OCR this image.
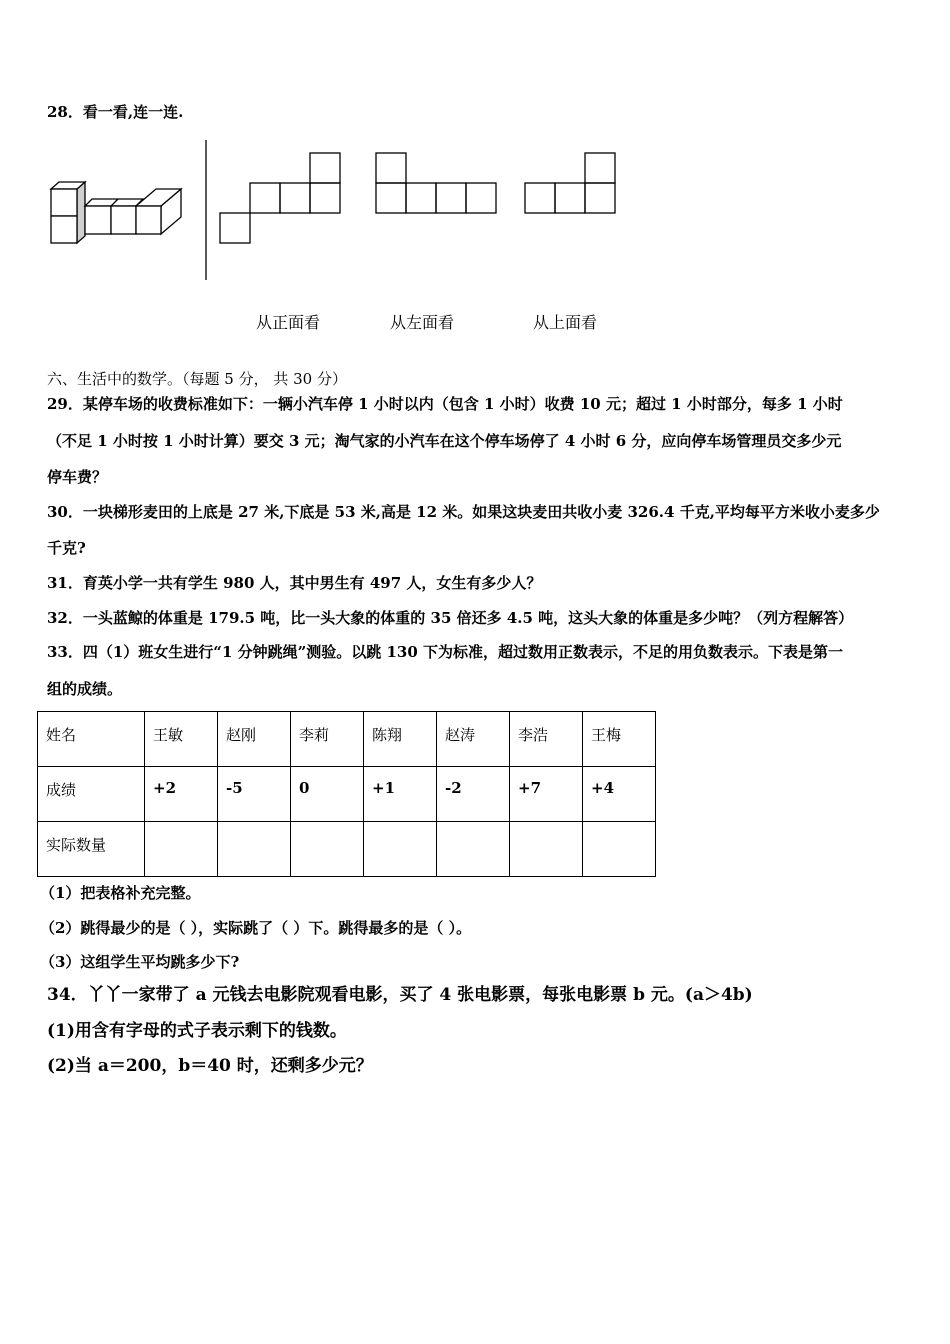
28．看一看,连一连.
从正面看	从左面看	从上面看
六、生活中的数学。（每题 5 分， 共 30 分）
29．某停车场的收费标准如下：一辆小汽车停 1 小时以内（包含 1 小时）收费 10 元；超过 1 小时部分，每多 1 小时
（不足 1 小时按 1 小时计算）要交 3 元；淘气家的小汽车在这个停车场停了 4 小时 6 分，应向停车场管理员交多少元
停车费？
30．一块梯形麦田的上底是 27 米,下底是 53 米,高是 12 米。如果这块麦田共收小麦 326.4 千克,平均每平方米收小麦多少
千克?
31．育英小学一共有学生 980 人，其中男生有 497 人，女生有多少人？
32．一头蓝鲸的体重是 179.5 吨，比一头大象的体重的 35 倍还多 4.5 吨，这头大象的体重是多少吨？（列方程解答）
33．四（1）班女生进行“1 分钟跳绳”测验。以跳 130 下为标准，超过数用正数表示，不足的用负数表示。下表是第一
组的成绩。
姓名	王敏	赵刚	李莉	陈翔	赵涛	李浩	王梅
成绩	+2	-5	0	+1	-2	+7	+4
实际数量							
（1）把表格补充完整。
（2）跳得最少的是（ ），实际跳了（ ）下。跳得最多的是（ ）。
（3）这组学生平均跳多少下?
34．丫丫一家带了 a 元钱去电影院观看电影，买了 4 张电影票，每张电影票 b 元。(a＞4b)
(1)用含有字母的式子表示剩下的钱数。
(2)当 a＝200，b＝40 时，还剩多少元？
